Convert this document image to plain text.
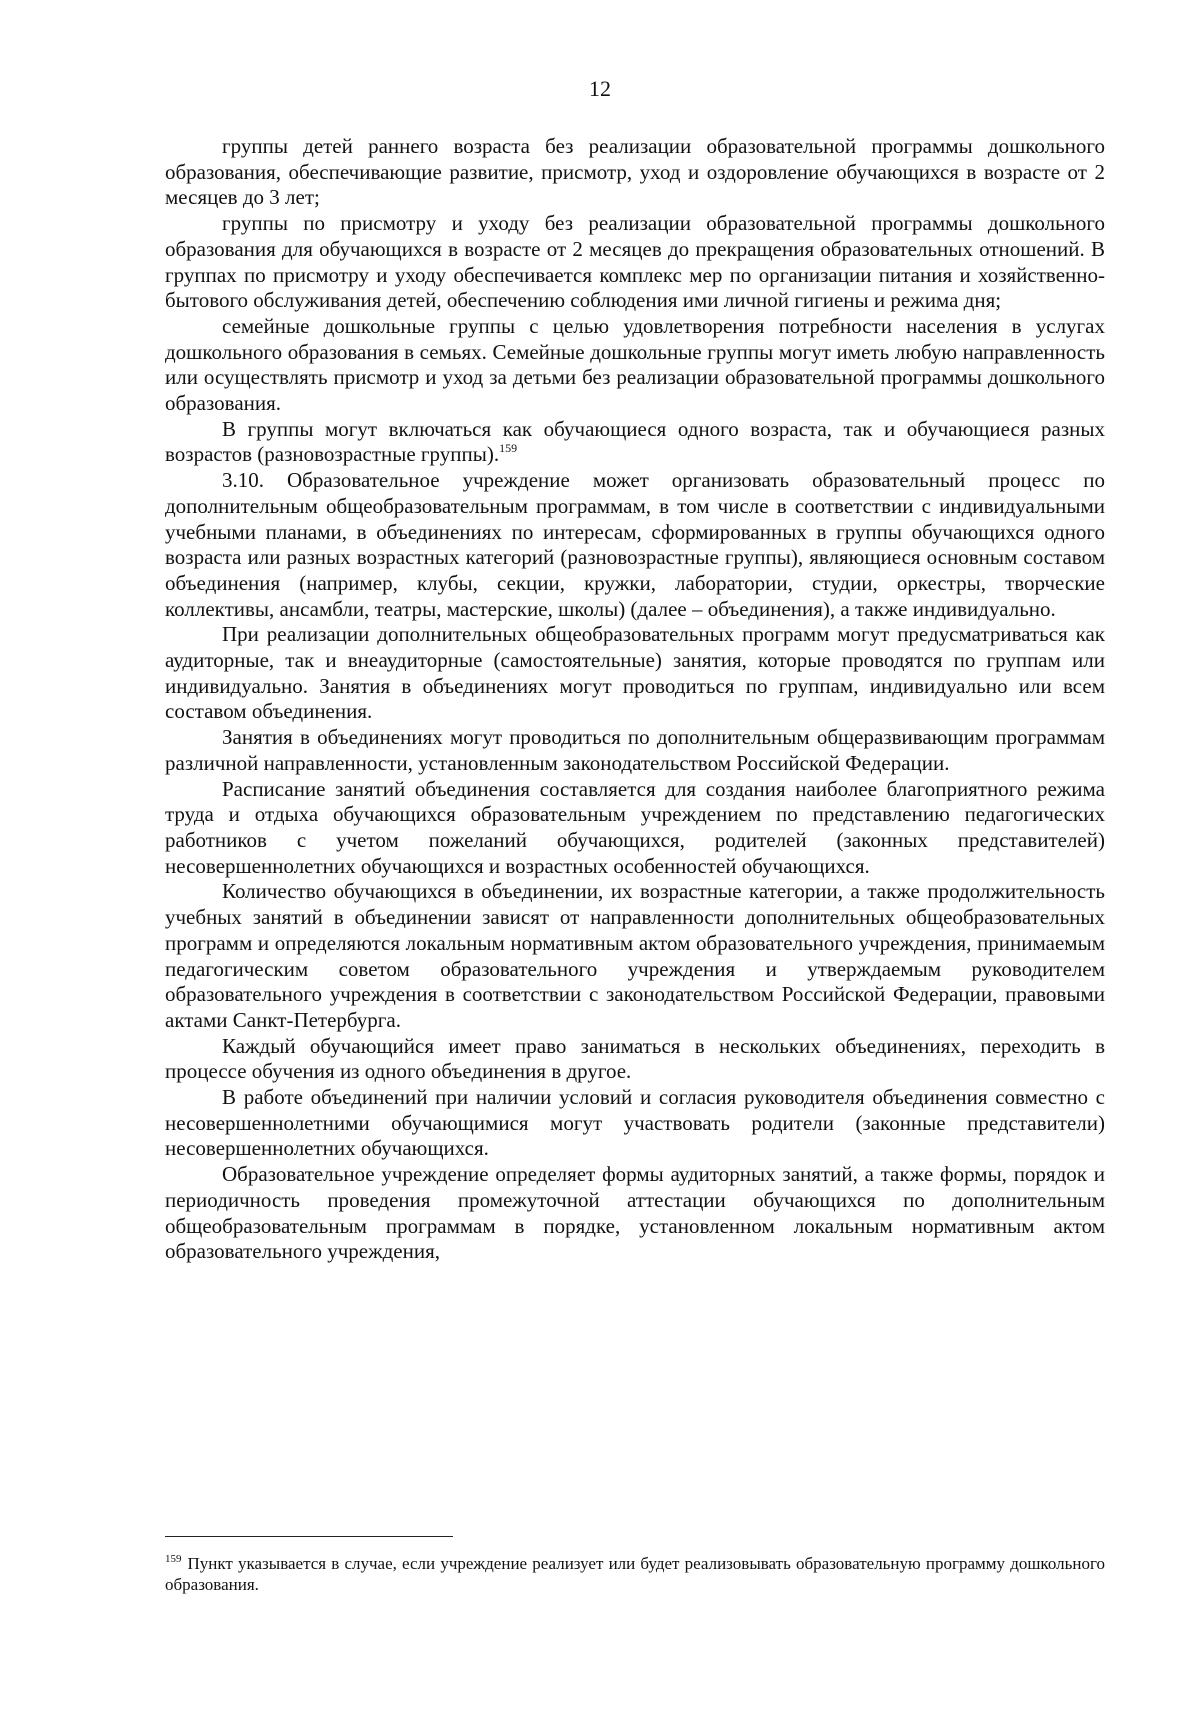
12

группы детей раннего возраста без реализации образовательной программы дошкольного образования, обеспечивающие развитие, присмотр, уход и оздоровление обучающихся в возрасте от 2 месяцев до 3 лет;

группы по присмотру и уходу без реализации образовательной программы дошкольного образования для обучающихся в возрасте от 2 месяцев до прекращения образовательных отношений. В группах по присмотру и уходу обеспечивается комплекс мер по организации питания и хозяйственно-бытового обслуживания детей, обеспечению соблюдения ими личной гигиены и режима дня;

семейные дошкольные группы с целью удовлетворения потребности населения в услугах дошкольного образования в семьях. Семейные дошкольные группы могут иметь любую направленность или осуществлять присмотр и уход за детьми без реализации образовательной программы дошкольного образования.

В группы могут включаться как обучающиеся одного возраста, так и обучающиеся разных возрастов (разновозрастные группы).$^{159}$

3.10. Образовательное учреждение может организовать образовательный процесс по дополнительным общеобразовательным программам, в том числе в соответствии с индивидуальными учебными планами, в объединениях по интересам, сформированных в группы обучающихся одного возраста или разных возрастных категорий (разновозрастные группы), являющиеся основным составом объединения (например, клубы, секции, кружки, лаборатории, студии, оркестры, творческие коллективы, ансамбли, театры, мастерские, школы) (далее – объединения), а также индивидуально.

При реализации дополнительных общеобразовательных программ могут предусматриваться как аудиторные, так и внеаудиторные (самостоятельные) занятия, которые проводятся по группам или индивидуально. Занятия в объединениях могут проводиться по группам, индивидуально или всем составом объединения.

Занятия в объединениях могут проводиться по дополнительным общеразвивающим программам различной направленности, установленным законодательством Российской Федерации.

Расписание занятий объединения составляется для создания наиболее благоприятного режима труда и отдыха обучающихся образовательным учреждением по представлению педагогических работников с учетом пожеланий обучающихся, родителей (законных представителей) несовершеннолетних обучающихся и возрастных особенностей обучающихся.

Количество обучающихся в объединении, их возрастные категории, а также продолжительность учебных занятий в объединении зависят от направленности дополнительных общеобразовательных программ и определяются локальным нормативным актом образовательного учреждения, принимаемым педагогическим советом образовательного учреждения и утверждаемым руководителем образовательного учреждения в соответствии с законодательством Российской Федерации, правовыми актами Санкт-Петербурга.

Каждый обучающийся имеет право заниматься в нескольких объединениях, переходить в процессе обучения из одного объединения в другое.

В работе объединений при наличии условий и согласия руководителя объединения совместно с несовершеннолетними обучающимися могут участвовать родители (законные представители) несовершеннолетних обучающихся.

Образовательное учреждение определяет формы аудиторных занятий, а также формы, порядок и периодичность проведения промежуточной аттестации обучающихся по дополнительным общеобразовательным программам в порядке, установленном локальным нормативным актом образовательного учреждения,

$^{159}$ Пункт указывается в случае, если учреждение реализует или будет реализовывать образовательную программу дошкольного образования.
